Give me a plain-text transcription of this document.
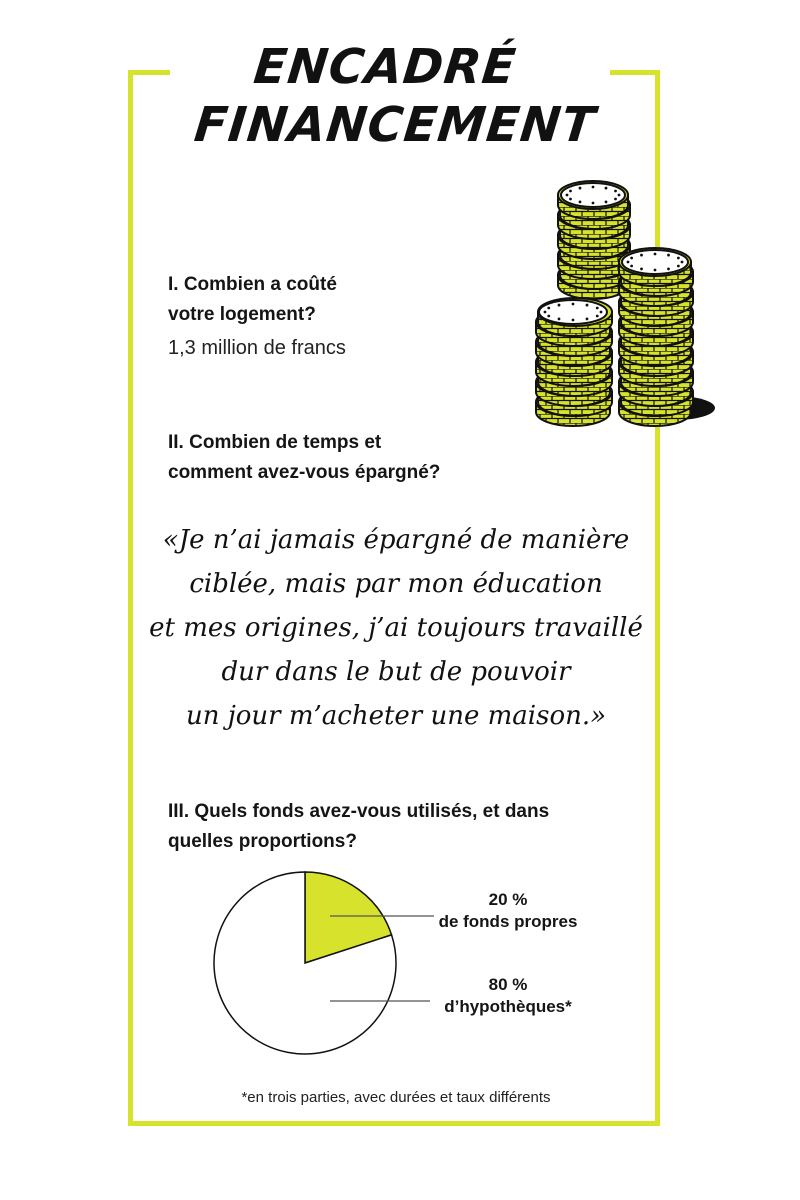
ENCADRÉ
FINANCEMENT
I. Combien a coûté
votre logement?
1,3 million de francs
II. Combien de temps et
comment avez-vous épargné?
«Je n’ai jamais épargné de manière
ciblée, mais par mon éducation
et mes origines, j’ai toujours travaillé
dur dans le but de pouvoir
un jour m’acheter une maison.»
III. Quels fonds avez-vous utilisés, et dans
quelles proportions?
20 %
de fonds propres
80 %
d’hypothèques*
*en trois parties, avec durées et taux différents
